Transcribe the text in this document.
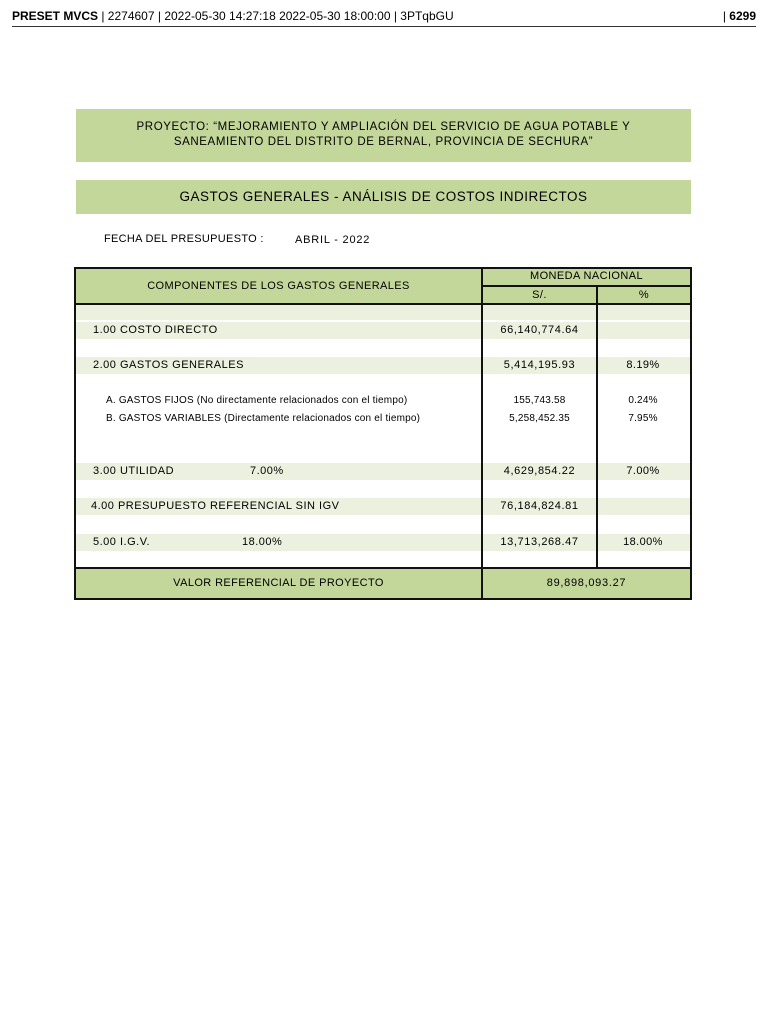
PRESET MVCS | 2274607 | 2022-05-30 14:27:18 2022-05-30 18:00:00 | 3PTqbGU	| 6299
PROYECTO: “MEJORAMIENTO Y AMPLIACIÓN DEL SERVICIO DE AGUA POTABLE Y
SANEAMIENTO DEL DISTRITO DE BERNAL, PROVINCIA DE SECHURA”
GASTOS GENERALES - ANÁLISIS DE COSTOS INDIRECTOS
FECHA DEL PRESUPUESTO :	ABRIL - 2022
COMPONENTES DE LOS GASTOS GENERALES
MONEDA NACIONAL
S/.	%
1.00 COSTO DIRECTO	66,140,774.64
2.00 GASTOS GENERALES	5,414,195.93	8.19%
A. GASTOS FIJOS (No directamente relacionados con el tiempo)	155,743.58	0.24%
B. GASTOS VARIABLES (Directamente relacionados con el tiempo)	5,258,452.35	7.95%
3.00 UTILIDAD	7.00%	4,629,854.22	7.00%
4.00 PRESUPUESTO REFERENCIAL SIN IGV	76,184,824.81
5.00 I.G.V.	18.00%	13,713,268.47	18.00%
VALOR REFERENCIAL DE PROYECTO	89,898,093.27
